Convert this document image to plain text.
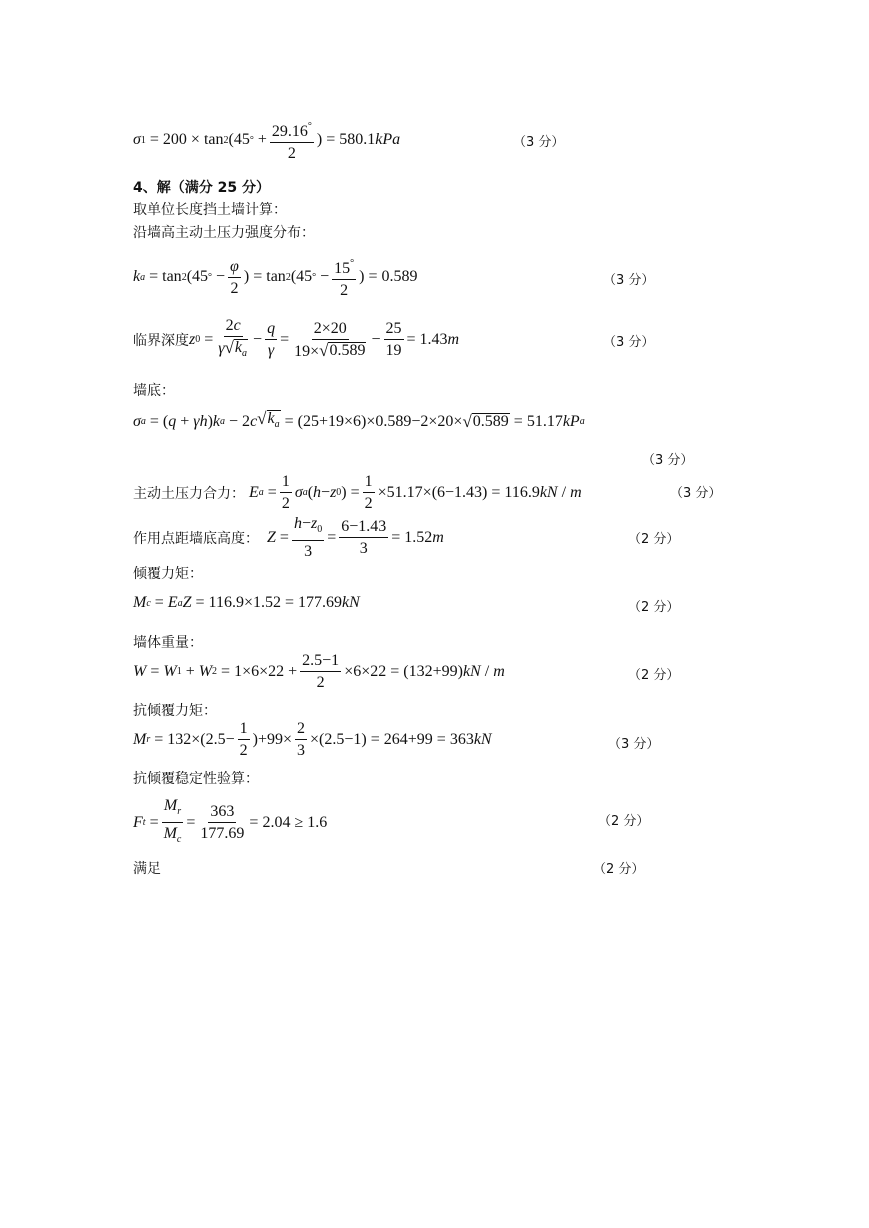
σ 1 = 200 × tan 2 (45 ° + $\frac{29.16^\circ}{2}$ ) = 580.1 kPa	（3 分）
4、解（满分 25 分）
取单位长度挡土墙计算：
沿墙高主动土压力强度分布：
k a = tan 2 (45 ° − $\frac{\varphi}{2}$ ) = tan 2 (45 ° − $\frac{15^\circ}{2}$ ) = 0.589	（3 分）
临界深度 z $0 = \frac{2c}{\gamma √ k_a} - \frac{q}{\gamma} = \frac{2\times 20}{19\times √ 0.589} - \frac{25}{19} = 1.43$ m	（3 分）
墙底：
σ a = ( q + γh ) k a − 2 c √ $k_a = (25+19\times 6)\times 0.589-2\times 20\times$ √ 0.589 = 51.17 kP a
（3 分）
主动土压力合力：
E $a = \frac{1}{2}$ σ a ( h − z 0 ) = $\frac{1}{2} \times 51.17\times(6-1.43) = 116.9$ kN / m	（3 分）
作用点距墙底高度：
$Z = \frac{h-z_0}{3} = \frac{6-1.43}{3} = 1.52$ m	（2 分）
倾覆力矩：
M c = E a Z = 116.9×1.52 = 177.69 kN	（2 分）
墙体重量：
W = W 1 + W $2 = 1\times 6\times 22 + \frac{2.5-1}{2} \times 6\times 22 = (132+99)$ kN / m	（2 分）
抗倾覆力矩：
M $r = 132\times(2.5- \frac{1}{2} )+99\times \frac{2}{3} \times(2.5-1) = 264+99 = 363$ kN	（3 分）
抗倾覆稳定性验算：
F $t = \frac{M_r}{M_c} = \frac{363}{177.69} = 2.04 \ge 1.6$	（2 分）
满足	（2 分）
